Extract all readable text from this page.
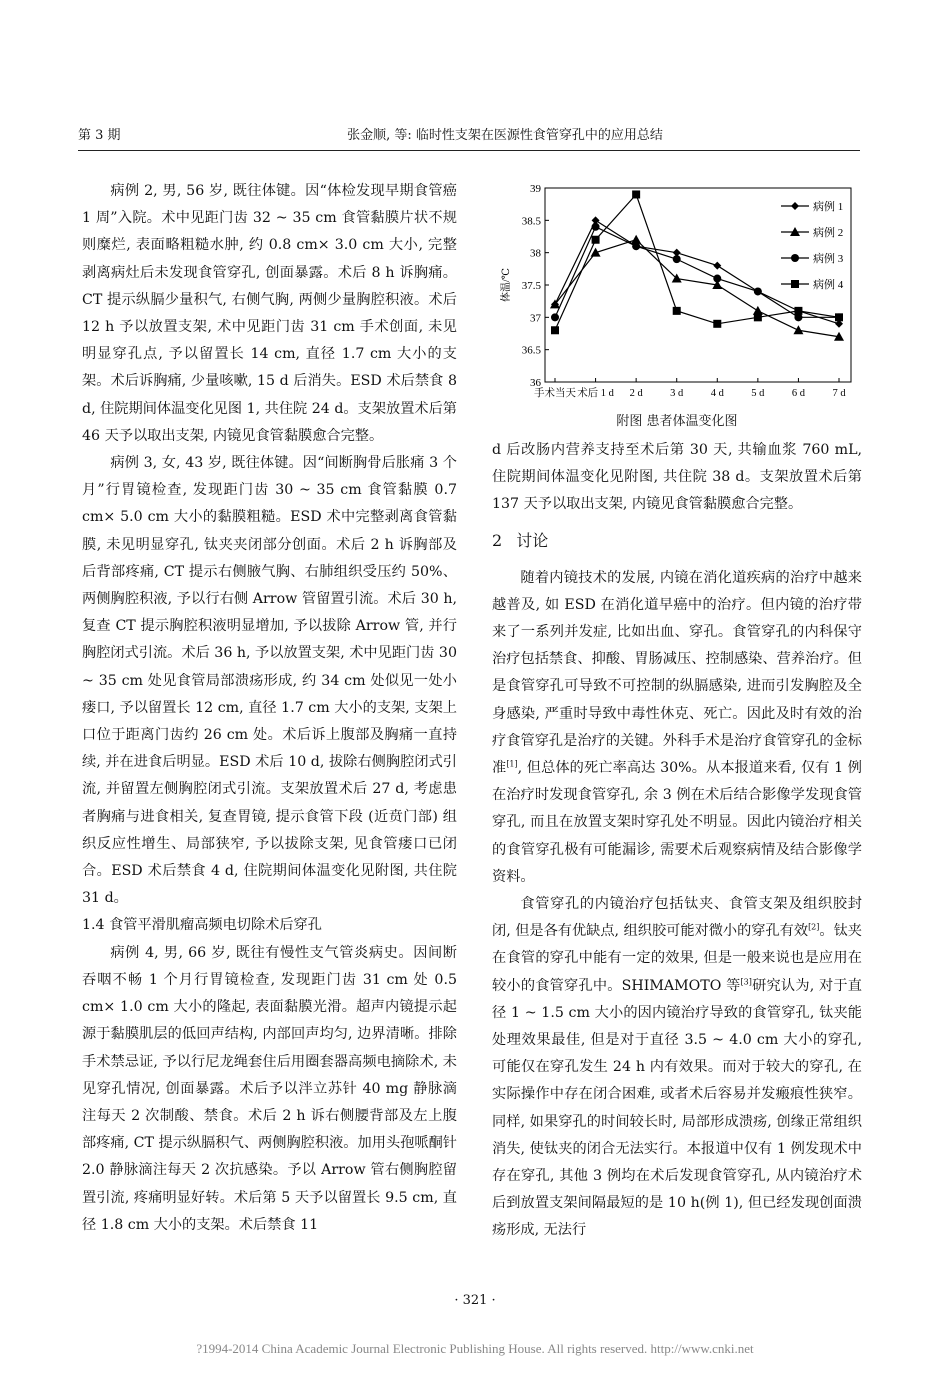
第 3 期	张金顺, 等: 临时性支架在医源性食管穿孔中的应用总结

病例 2, 男, 56 岁, 既往体键。因“体检发现早期食管癌 1 周”入院。术中见距门齿 32 ~ 35 cm 食管黏膜片状不规则糜烂, 表面略粗糙水肿, 约 0.8 cm× 3.0 cm 大小, 完整剥离病灶后未发现食管穿孔, 创面暴露。术后 8 h 诉胸痛。CT 提示纵膈少量积气, 右侧气胸, 两侧少量胸腔积液。术后 12 h 予以放置支架, 术中见距门齿 31 cm 手术创面, 未见明显穿孔点, 予以留置长 14 cm, 直径 1.7 cm 大小的支架。术后诉胸痛, 少量咳嗽, 15 d 后消失。ESD 术后禁食 8 d, 住院期间体温变化见图 1, 共住院 24 d。支架放置术后第 46 天予以取出支架, 内镜见食管黏膜愈合完整。

病例 3, 女, 43 岁, 既往体键。因“间断胸骨后胀痛 3 个月”行胃镜检查, 发现距门齿 30 ~ 35 cm 食管黏膜 0.7 cm× 5.0 cm 大小的黏膜粗糙。ESD 术中完整剥离食管黏膜, 未见明显穿孔, 钛夹夹闭部分创面。术后 2 h 诉胸部及后背部疼痛, CT 提示右侧腋气胸、右肺组织受压约 50%、两侧胸腔积液, 予以行右侧 Arrow 管留置引流。术后 30 h, 复查 CT 提示胸腔积液明显增加, 予以拔除 Arrow 管, 并行胸腔闭式引流。术后 36 h, 予以放置支架, 术中见距门齿 30 ~ 35 cm 处见食管局部溃疡形成, 约 34 cm 处似见一处小瘘口, 予以留置长 12 cm, 直径 1.7 cm 大小的支架, 支架上口位于距离门齿约 26 cm 处。术后诉上腹部及胸痛一直持续, 并在进食后明显。ESD 术后 10 d, 拔除右侧胸腔闭式引流, 并留置左侧胸腔闭式引流。支架放置术后 27 d, 考虑患者胸痛与进食相关, 复查胃镜, 提示食管下段 (近贲门部) 组织反应性增生、局部狭窄, 予以拔除支架, 见食管瘘口已闭合。ESD 术后禁食 4 d, 住院期间体温变化见附图, 共住院 31 d。

1.4 食管平滑肌瘤高频电切除术后穿孔

病例 4, 男, 66 岁, 既往有慢性支气管炎病史。因间断吞咽不畅 1 个月行胃镜检查, 发现距门齿 31 cm 处 0.5 cm× 1.0 cm 大小的隆起, 表面黏膜光滑。超声内镜提示起源于黏膜肌层的低回声结构, 内部回声均匀, 边界清晰。排除手术禁忌证, 予以行尼龙绳套住后用圈套器高频电摘除术, 未见穿孔情况, 创面暴露。术后予以泮立苏针 40 mg 静脉滴注每天 2 次制酸、禁食。术后 2 h 诉右侧腰背部及左上腹部疼痛, CT 提示纵膈积气、两侧胸腔积液。加用头孢哌酮针 2.0 静脉滴注每天 2 次抗感染。予以 Arrow 管右侧胸腔留置引流, 疼痛明显好转。术后第 5 天予以留置长 9.5 cm, 直径 1.8 cm 大小的支架。术后禁食 11

36
36.5
37
37.5
38
38.5
39
体温/℃
手术当天 术后 1 d 2 d	3 d	4 d	5 d	6 d	7 d
病例 1
病例 2
病例 3
病例 4
附图 患者体温变化图

d 后改肠内营养支持至术后第 30 天, 共输血浆 760 mL, 住院期间体温变化见附图, 共住院 38 d。支架放置术后第 137 天予以取出支架, 内镜见食管黏膜愈合完整。

2 讨论

随着内镜技术的发展, 内镜在消化道疾病的治疗中越来越普及, 如 ESD 在消化道早癌中的治疗。但内镜的治疗带来了一系列并发症, 比如出血、穿孔。食管穿孔的内科保守治疗包括禁食、抑酸、胃肠减压、控制感染、营养治疗。但是食管穿孔可导致不可控制的纵膈感染, 进而引发胸腔及全身感染, 严重时导致中毒性休克、死亡。因此及时有效的治疗食管穿孔是治疗的关键。外科手术是治疗食管穿孔的金标准[1], 但总体的死亡率高达 30%。从本报道来看, 仅有 1 例在治疗时发现食管穿孔, 余 3 例在术后结合影像学发现食管穿孔, 而且在放置支架时穿孔处不明显。因此内镜治疗相关的食管穿孔极有可能漏诊, 需要术后观察病情及结合影像学资料。

食管穿孔的内镜治疗包括钛夹、食管支架及组织胶封闭, 但是各有优缺点, 组织胶可能对微小的穿孔有效[2]。钛夹在食管的穿孔中能有一定的效果, 但是一般来说也是应用在较小的食管穿孔中。SHIMAMOTO 等[3]研究认为, 对于直径 1 ~ 1.5 cm 大小的因内镜治疗导致的食管穿孔, 钛夹能处理效果最佳, 但是对于直径 3.5 ~ 4.0 cm 大小的穿孔, 可能仅在穿孔发生 24 h 内有效果。而对于较大的穿孔, 在实际操作中存在闭合困难, 或者术后容易并发瘢痕性狭窄。同样, 如果穿孔的时间较长时, 局部形成溃疡, 创缘正常组织消失, 使钛夹的闭合无法实行。本报道中仅有 1 例发现术中存在穿孔, 其他 3 例均在术后发现食管穿孔, 从内镜治疗术后到放置支架间隔最短的是 10 h(例 1), 但已经发现创面溃疡形成, 无法行

· 321 ·
?1994-2014 China Academic Journal Electronic Publishing House. All rights reserved. http://www.cnki.net
